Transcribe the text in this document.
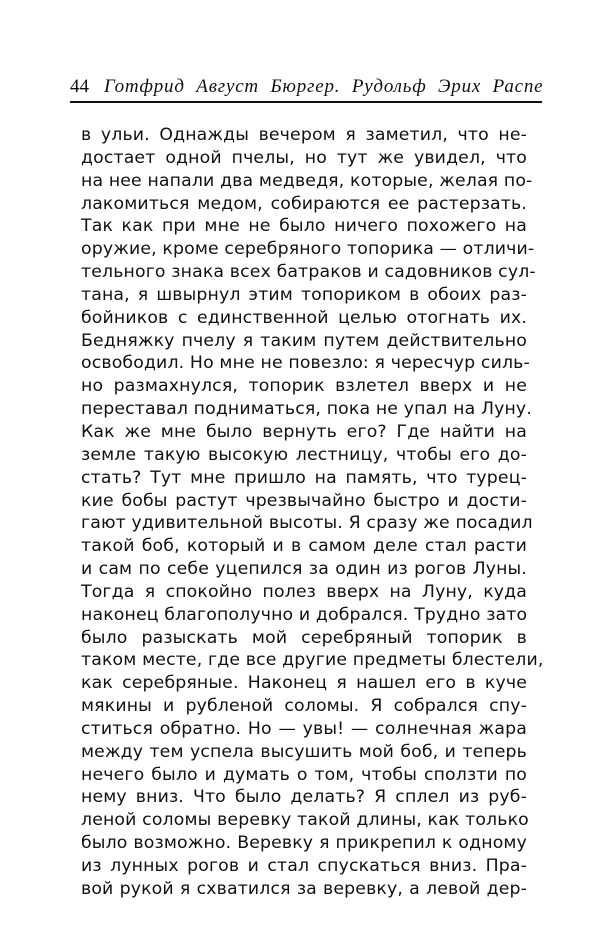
44 Готфрид Август Бюргер. Рудольф Эрих Распе
в ульи. Однажды вечером я заметил, что не-
достает одной пчелы, но тут же увидел, что
на нее напали два медведя, которые, желая по-
лакомиться медом, собираются ее растерзать.
Так как при мне не было ничего похожего на
оружие, кроме серебряного топорика — отличи-
тельного знака всех батраков и садовников сул-
тана, я швырнул этим топориком в обоих раз-
бойников с единственной целью отогнать их.
Бедняжку пчелу я таким путем действительно
освободил. Но мне не повезло: я чересчур силь-
но размахнулся, топорик взлетел вверх и не
переставал подниматься, пока не упал на Луну.
Как же мне было вернуть его? Где найти на
земле такую высокую лестницу, чтобы его до-
стать? Тут мне пришло на память, что турец-
кие бобы растут чрезвычайно быстро и дости-
гают удивительной высоты. Я сразу же посадил
такой боб, который и в самом деле стал расти
и сам по себе уцепился за один из рогов Луны.
Тогда я спокойно полез вверх на Луну, куда
наконец благополучно и добрался. Трудно зато
было разыскать мой серебряный топорик в
таком месте, где все другие предметы блестели,
как серебряные. Наконец я нашел его в куче
мякины и рубленой соломы. Я собрался спу-
ститься обратно. Но — увы! — солнечная жара
между тем успела высушить мой боб, и теперь
нечего было и думать о том, чтобы сползти по
нему вниз. Что было делать? Я сплел из руб-
леной соломы веревку такой длины, как только
было возможно. Веревку я прикрепил к одному
из лунных рогов и стал спускаться вниз. Пра-
вой рукой я схватился за веревку, а левой дер-
